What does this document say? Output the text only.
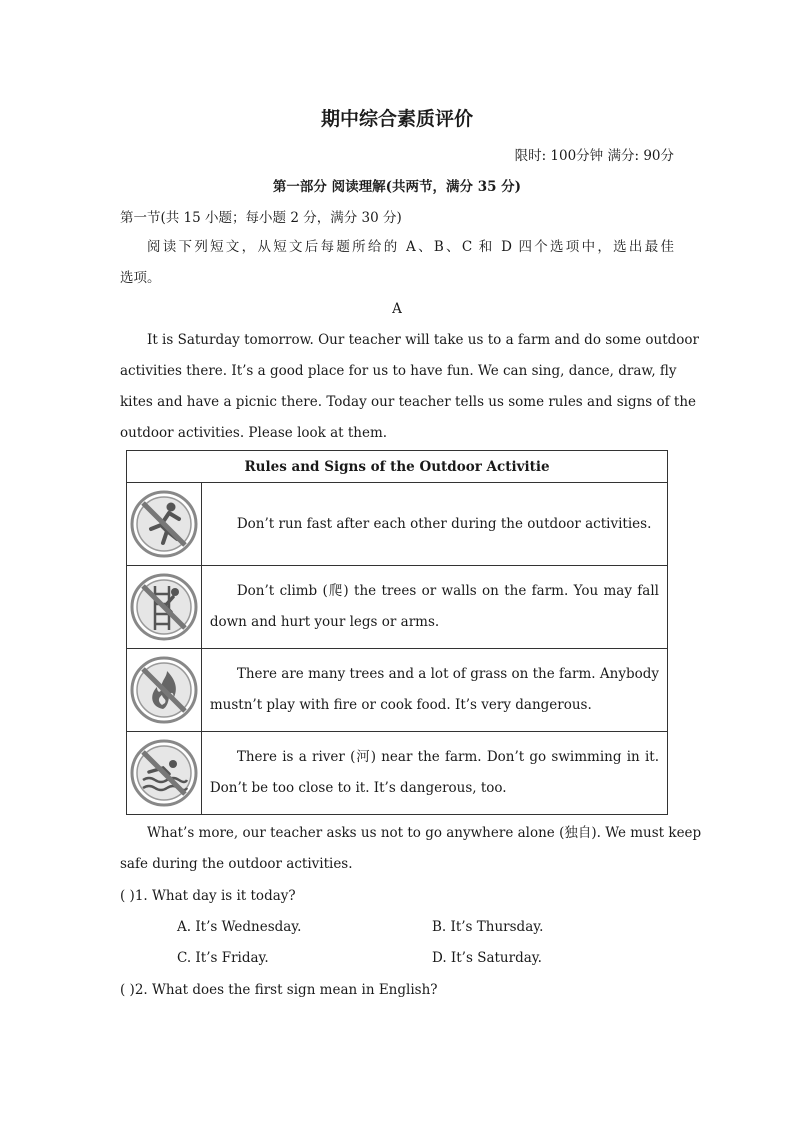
期中综合素质评价
限时: 100分钟 满分: 90分
第一部分 阅读理解(共两节，满分 35 分)
第一节(共 15 小题；每小题 2 分，满分 30 分)
阅读下列短文，从短文后每题所给的 A、B、C 和 D 四个选项中，选出最佳
选项。
A
It is Saturday tomorrow. Our teacher will take us to a farm and do some outdoor
activities there. It’s a good place for us to have fun. We can sing, dance, draw, fly
kites and have a picnic there. Today our teacher tells us some rules and signs of the
outdoor activities. Please look at them.
Rules and Signs of the Outdoor Activitie	

Don’t run fast after each other during the outdoor activities.

Don’t climb (爬) the trees or walls on the farm. You may fall
down and hurt your legs or arms.

There are many trees and a lot of grass on the farm. Anybody
mustn’t play with fire or cook food. It’s very dangerous.

There is a river (河) near the farm. Don’t go swimming in it.
Don’t be too close to it. It’s dangerous, too.
What’s more, our teacher asks us not to go anywhere alone (独自). We must keep
safe during the outdoor activities.
( )1. What day is it today?
A. It’s Wednesday.	B. It’s Thursday.
C. It’s Friday.	D. It’s Saturday.
( )2. What does the first sign mean in English?
